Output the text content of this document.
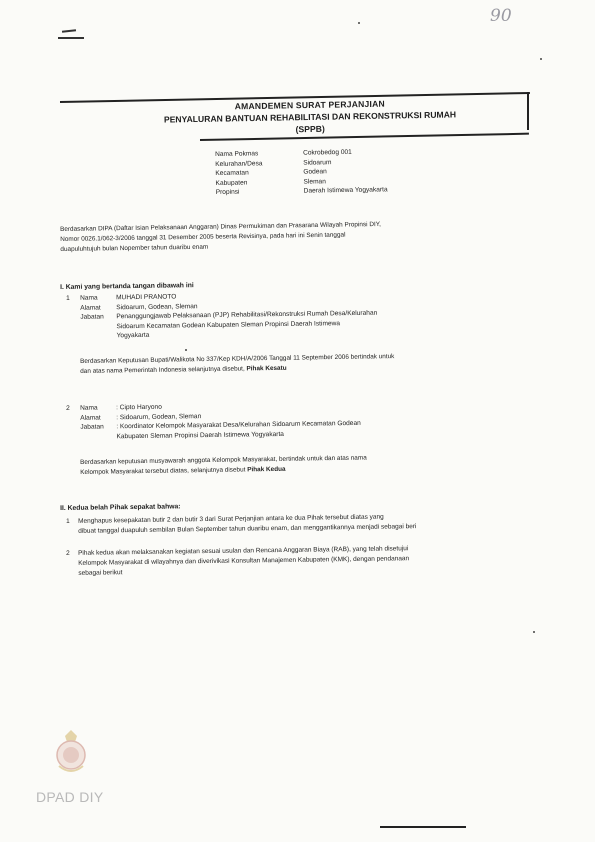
90
AMANDEMEN SURAT PERJANJIAN
PENYALURAN BANTUAN REHABILITASI DAN REKONSTRUKSI RUMAH
(SPPB)
Nama Pokmas	Cokrobedog 001
Kelurahan/Desa	Sidoarum
Kecamatan	Godean
Kabupaten	Sleman
Propinsi	Daerah Istimewa Yogyakarta

Berdasarkan DIPA (Daftar Isian Pelaksanaan Anggaran) Dinas Permukiman dan Prasarana Wilayah Propinsi DIY,

Nomor 0026.1/062-3/2006 tanggal 31 Desember 2005 beserta Revisinya, pada hari ini Senin tanggal

duapuluhtujuh bulan Nopember tahun duaribu enam

I. Kami yang bertanda tangan dibawah ini
1	Nama	MUHADI PRANOTO
Alamat	Sidoarum, Godean, Sleman
Jabatan	Penanggungjawab Pelaksanaan (PJP) Rehabilitasi/Rekonstruksi Rumah Desa/Kelurahan
Sidoarum Kecamatan Godean Kabupaten Sleman Propinsi Daerah Istimewa
Yogyakarta

Berdasarkan Keputusan Bupati/Walikota No 337/Kep KDH/A/2006 Tanggal 11 September 2006 bertindak untuk

dan atas nama Pemerintah Indonesia selanjutnya disebut, Pihak Kesatu

2	Nama	: Cipto Haryono
Alamat	: Sidoarum, Godean, Sleman
Jabatan	: Koordinator Kelompok Masyarakat Desa/Kelurahan Sidoarum Kecamatan Godean
Kabupaten Sleman Propinsi Daerah Istimewa Yogyakarta

Berdasarkan keputusan musyawarah anggota Kelompok Masyarakat, bertindak untuk dan atas nama

Kelompok Masyarakat tersebut diatas, selanjutnya disebut Pihak Kedua

II. Kedua belah Pihak sepakat bahwa:
1	Menghapus kesepakatan butir 2 dan butir 3 dari Surat Perjanjian antara ke dua Pihak tersebut diatas yang
dibuat tanggal duapuluh sembilan Bulan September tahun duaribu enam, dan menggantikannya menjadi sebagai beri
2	Pihak kedua akan melaksanakan kegiatan sesuai usulan dan Rencana Anggaran Biaya (RAB), yang telah disetujui
Kelompok Masyarakat di wilayahnya dan diverivikasi Konsultan Manajemen Kabupaten (KMK), dengan pendanaan
sebagai berikut
DPAD DIY
